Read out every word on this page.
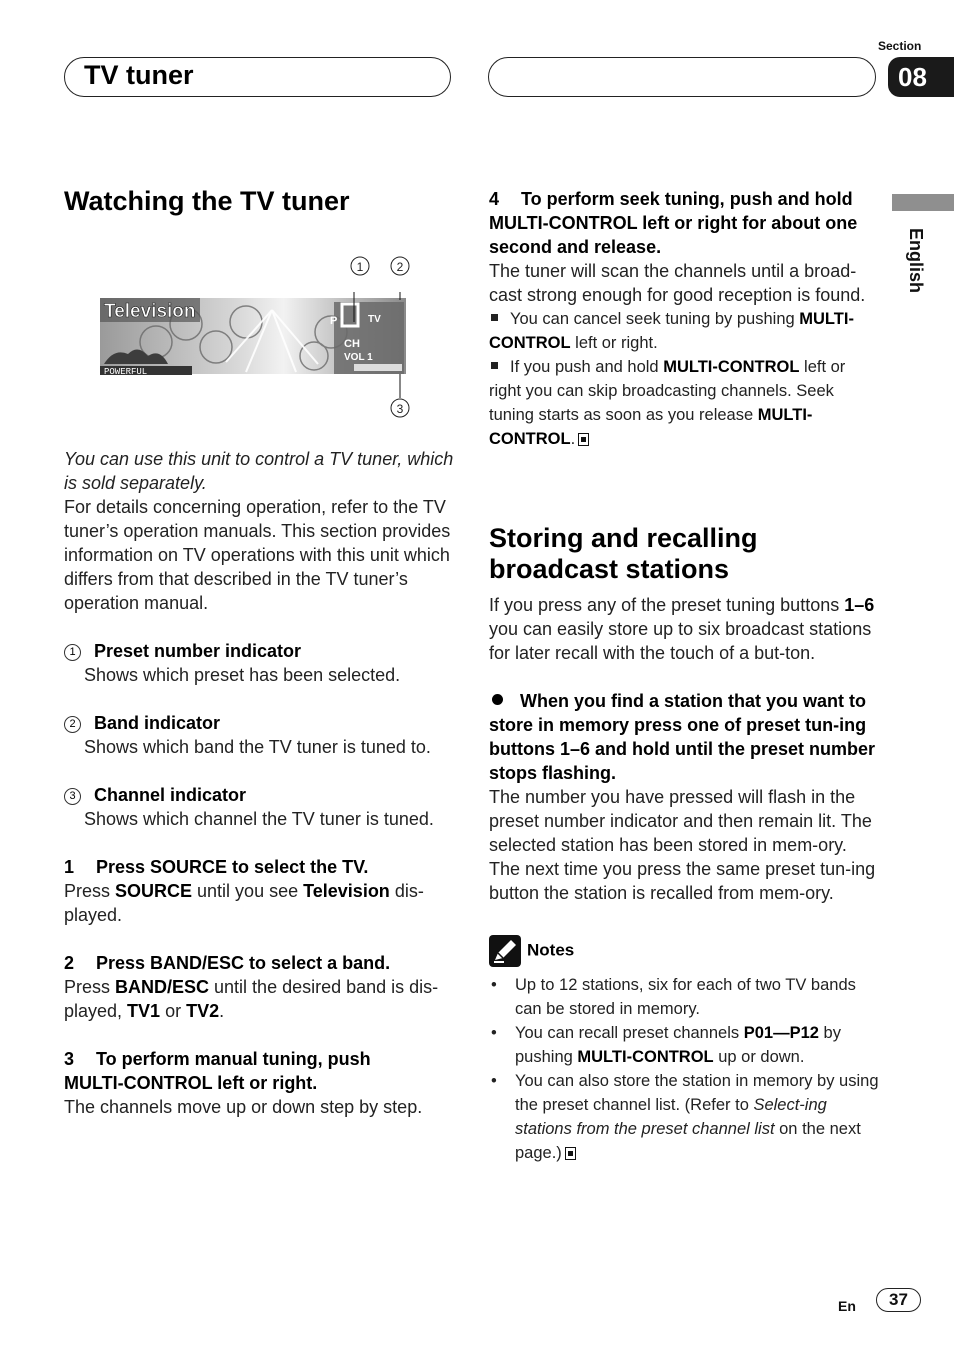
TV tuner
Section
08
English
Watching the TV tuner
Television
POWERFUL
P	TV
CH
VOL 1
1	2
3

You can use this unit to control a TV tuner, which is sold separately.

For details concerning operation, refer to the TV tuner’s operation manuals. This section provides information on TV operations with this unit which differs from that described in the TV tuner’s operation manual.

1 Preset number indicator

Shows which preset has been selected.

2 Band indicator

Shows which band the TV tuner is tuned to.

3 Channel indicator

Shows which channel the TV tuner is tuned.

1 Press SOURCE to select the TV.

Press SOURCE until you see Television dis-played.

2 Press BAND/ESC to select a band.

Press BAND/ESC until the desired band is dis-played, TV1 or TV2.

3 To perform manual tuning, push

MULTI-CONTROL left or right.

The channels move up or down step by step.

4 To perform seek tuning, push and hold

MULTI-CONTROL left or right for about one second and release.

The tuner will scan the channels until a broad-cast strong enough for good reception is found.

You can cancel seek tuning by pushing MULTI-CONTROL left or right.

If you push and hold MULTI-CONTROL left or right you can skip broadcasting channels. Seek tuning starts as soon as you release MULTI-CONTROL.

Storing and recalling broadcast stations

If you press any of the preset tuning buttons 1–6 you can easily store up to six broadcast stations for later recall with the touch of a but-ton.

When you find a station that you want to store in memory press one of preset tun-ing buttons 1–6 and hold until the preset number stops flashing.

The number you have pressed will flash in the preset number indicator and then remain lit. The selected station has been stored in mem-ory.

The next time you press the same preset tun-ing button the station is recalled from mem-ory.

Notes

• Up to 12 stations, six for each of two TV bands can be stored in memory.
• You can recall preset channels P01—P12 by pushing MULTI-CONTROL up or down.
• You can also store the station in memory by using the preset channel list. (Refer to Select-ing stations from the preset channel list on the next page.)
En	37
